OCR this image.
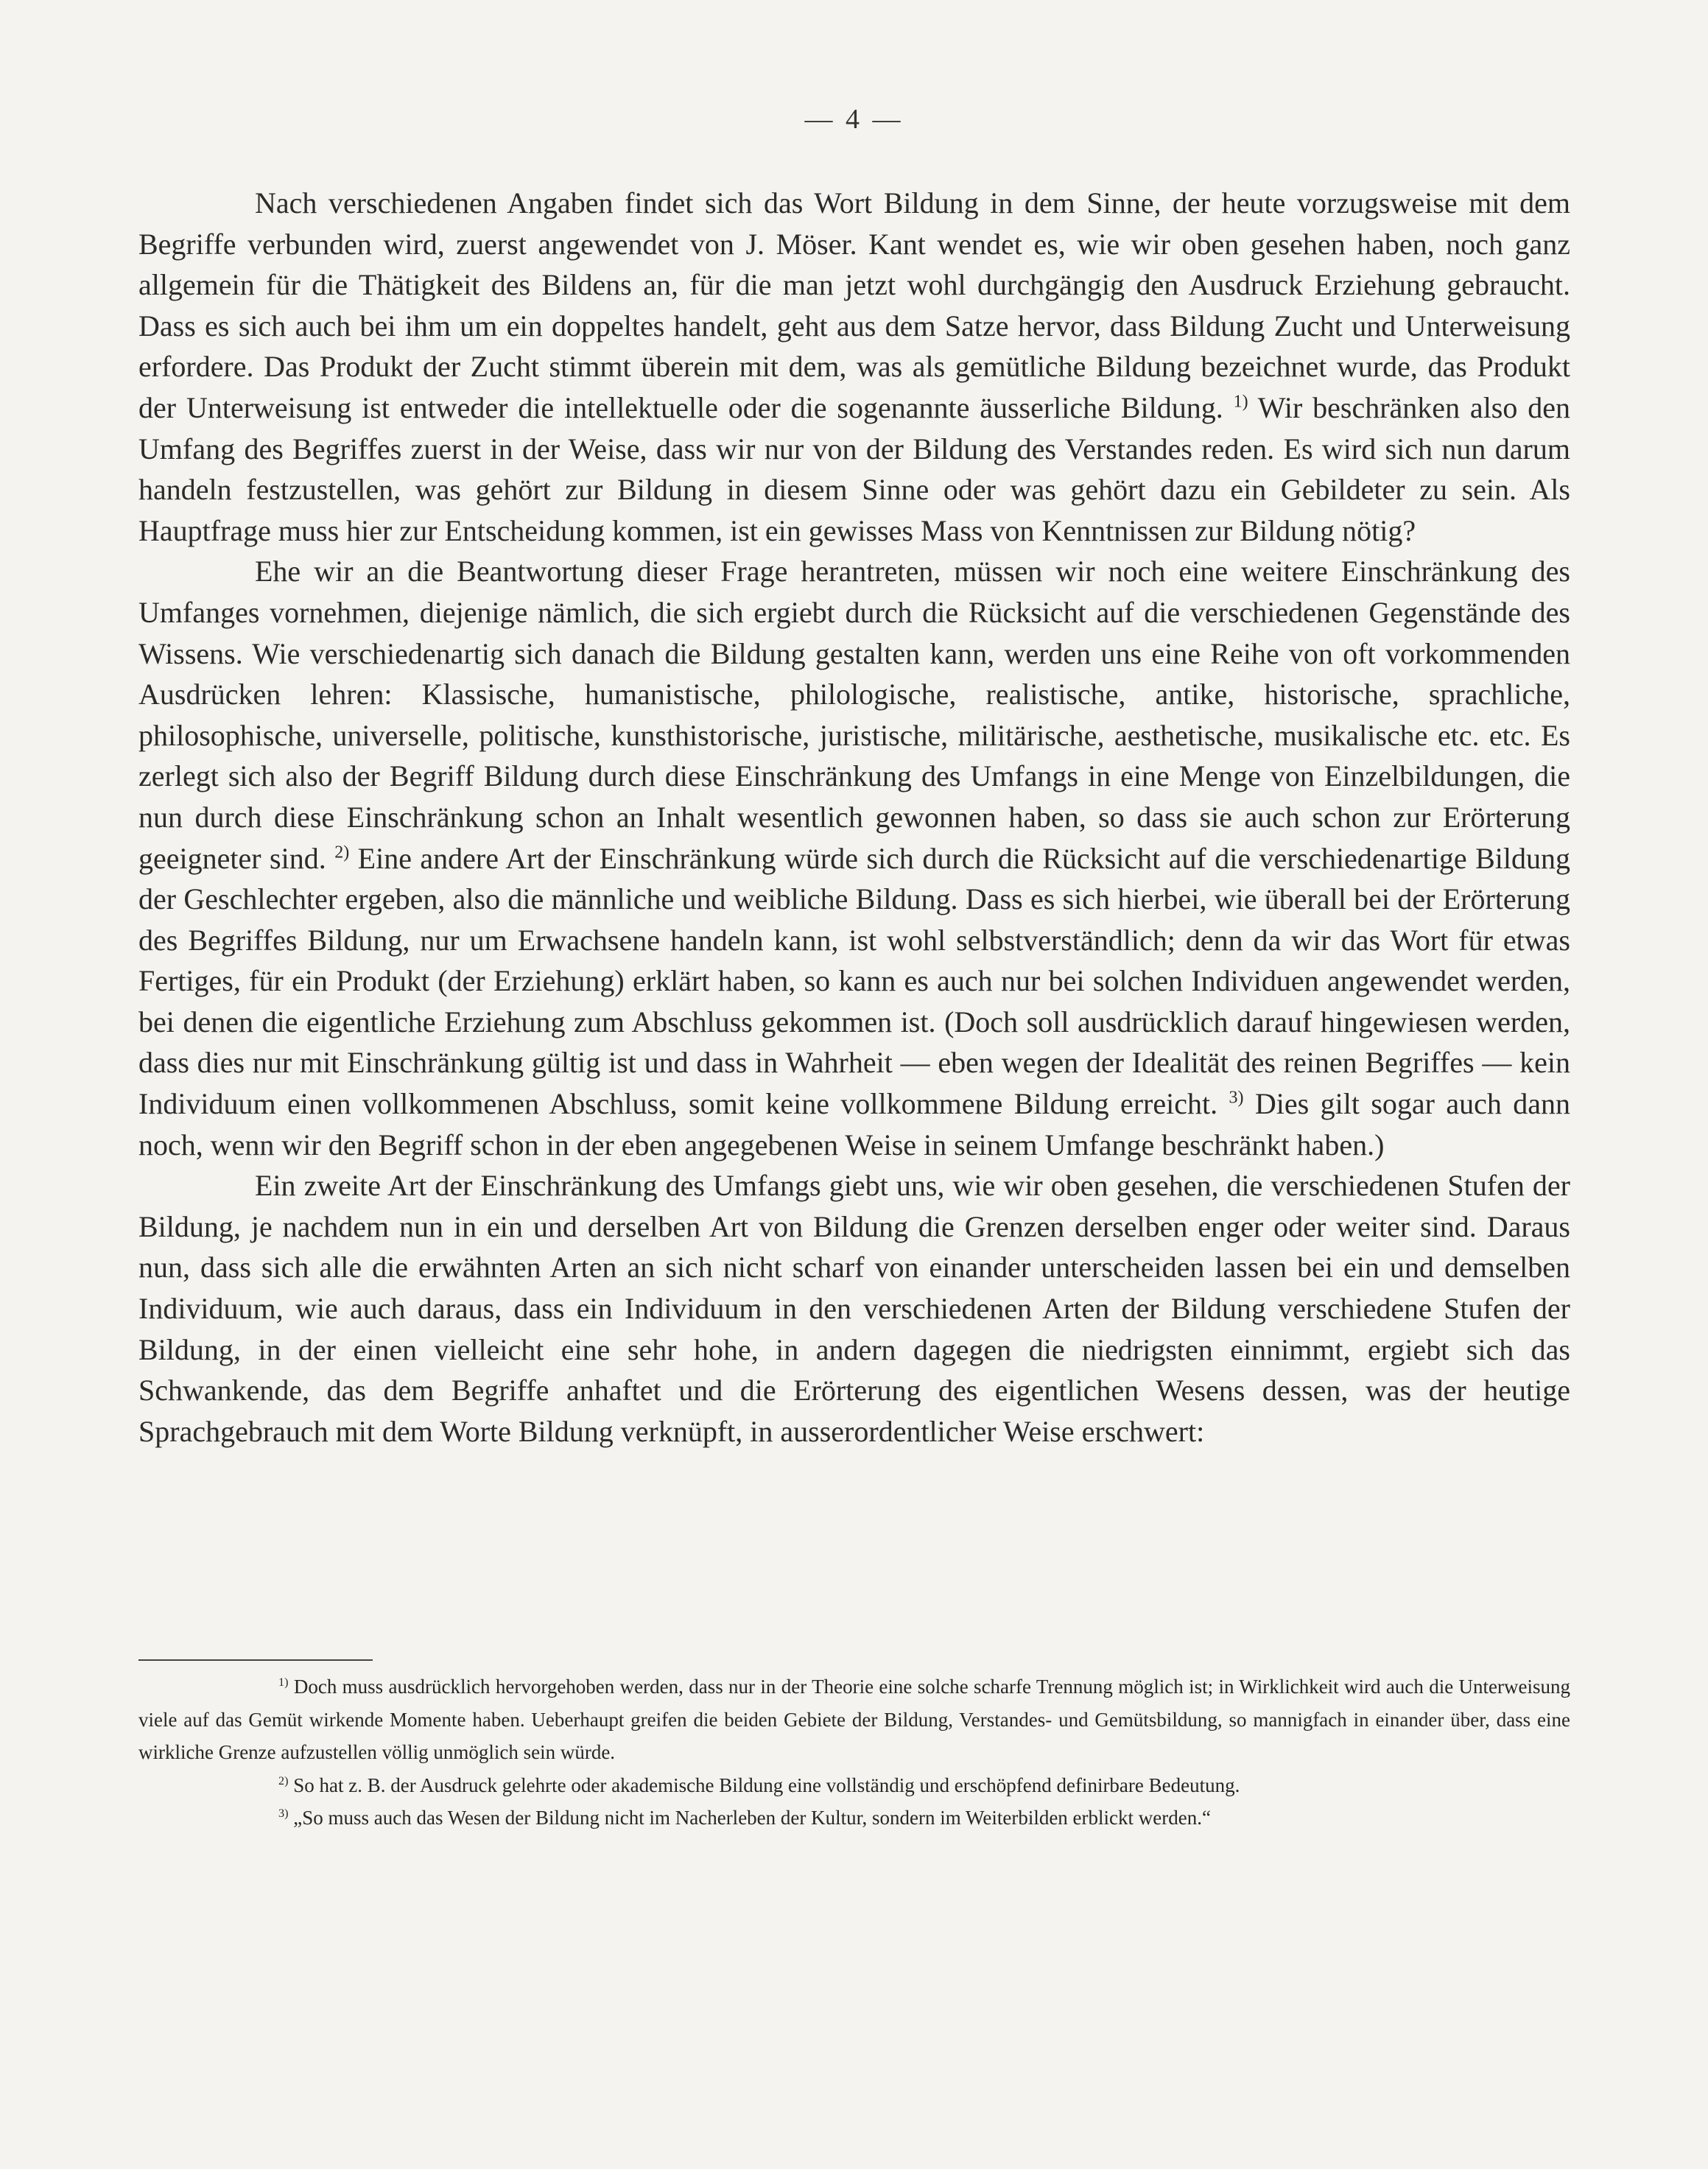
— 4 —

Nach verschiedenen Angaben findet sich das Wort Bildung in dem Sinne, der heute vorzugsweise mit dem Begriffe verbunden wird, zuerst angewendet von J. Möser. Kant wendet es, wie wir oben gesehen haben, noch ganz allgemein für die Thätigkeit des Bildens an, für die man jetzt wohl durchgängig den Ausdruck Erziehung gebraucht. Dass es sich auch bei ihm um ein doppeltes handelt, geht aus dem Satze hervor, dass Bildung Zucht und Unterweisung erfordere. Das Produkt der Zucht stimmt überein mit dem, was als gemütliche Bildung bezeichnet wurde, das Produkt der Unterweisung ist entweder die intellektuelle oder die sogenannte äusserliche Bildung. $^{1)}$ Wir beschränken also den Umfang des Begriffes zuerst in der Weise, dass wir nur von der Bildung des Verstandes reden. Es wird sich nun darum handeln festzustellen, was gehört zur Bildung in diesem Sinne oder was gehört dazu ein Gebildeter zu sein. Als Hauptfrage muss hier zur Entscheidung kommen, ist ein gewisses Mass von Kenntnissen zur Bildung nötig?

Ehe wir an die Beantwortung dieser Frage herantreten, müssen wir noch eine weitere Einschränkung des Umfanges vornehmen, diejenige nämlich, die sich ergiebt durch die Rücksicht auf die verschiedenen Gegenstände des Wissens. Wie verschiedenartig sich danach die Bildung gestalten kann, werden uns eine Reihe von oft vorkommenden Ausdrücken lehren: Klassische, humanistische, philologische, realistische, antike, historische, sprachliche, philosophische, universelle, politische, kunsthistorische, juristische, militärische, aesthetische, musikalische etc. etc. Es zerlegt sich also der Begriff Bildung durch diese Einschränkung des Umfangs in eine Menge von Einzelbildungen, die nun durch diese Einschränkung schon an Inhalt wesentlich gewonnen haben, so dass sie auch schon zur Erörterung geeigneter sind. $^{2)}$ Eine andere Art der Einschränkung würde sich durch die Rücksicht auf die verschiedenartige Bildung der Geschlechter ergeben, also die männliche und weibliche Bildung. Dass es sich hierbei, wie überall bei der Erörterung des Begriffes Bildung, nur um Erwachsene handeln kann, ist wohl selbstverständlich; denn da wir das Wort für etwas Fertiges, für ein Produkt (der Erziehung) erklärt haben, so kann es auch nur bei solchen Individuen angewendet werden, bei denen die eigentliche Erziehung zum Abschluss gekommen ist. (Doch soll ausdrücklich darauf hingewiesen werden, dass dies nur mit Einschränkung gültig ist und dass in Wahrheit — eben wegen der Idealität des reinen Begriffes — kein Individuum einen vollkommenen Abschluss, somit keine vollkommene Bildung erreicht. $^{3)}$ Dies gilt sogar auch dann noch, wenn wir den Begriff schon in der eben angegebenen Weise in seinem Umfange beschränkt haben.)

Ein zweite Art der Einschränkung des Umfangs giebt uns, wie wir oben gesehen, die verschiedenen Stufen der Bildung, je nachdem nun in ein und derselben Art von Bildung die Grenzen derselben enger oder weiter sind. Daraus nun, dass sich alle die erwähnten Arten an sich nicht scharf von einander unterscheiden lassen bei ein und demselben Individuum, wie auch daraus, dass ein Individuum in den verschiedenen Arten der Bildung verschiedene Stufen der Bildung, in der einen vielleicht eine sehr hohe, in andern dagegen die niedrigsten einnimmt, ergiebt sich das Schwankende, das dem Begriffe anhaftet und die Erörterung des eigentlichen Wesens dessen, was der heutige Sprachgebrauch mit dem Worte Bildung verknüpft, in ausserordentlicher Weise erschwert:

$^{1)}$ Doch muss ausdrücklich hervorgehoben werden, dass nur in der Theorie eine solche scharfe Trennung möglich ist; in Wirklichkeit wird auch die Unterweisung viele auf das Gemüt wirkende Momente haben. Ueberhaupt greifen die beiden Gebiete der Bildung, Verstandes- und Gemütsbildung, so mannigfach in einander über, dass eine wirkliche Grenze aufzustellen völlig unmöglich sein würde.

$^{2)}$ So hat z. B. der Ausdruck gelehrte oder akademische Bildung eine vollständig und erschöpfend definirbare Bedeutung.

$^{3)}$ „So muss auch das Wesen der Bildung nicht im Nacherleben der Kultur, sondern im Weiterbilden erblickt werden.“
